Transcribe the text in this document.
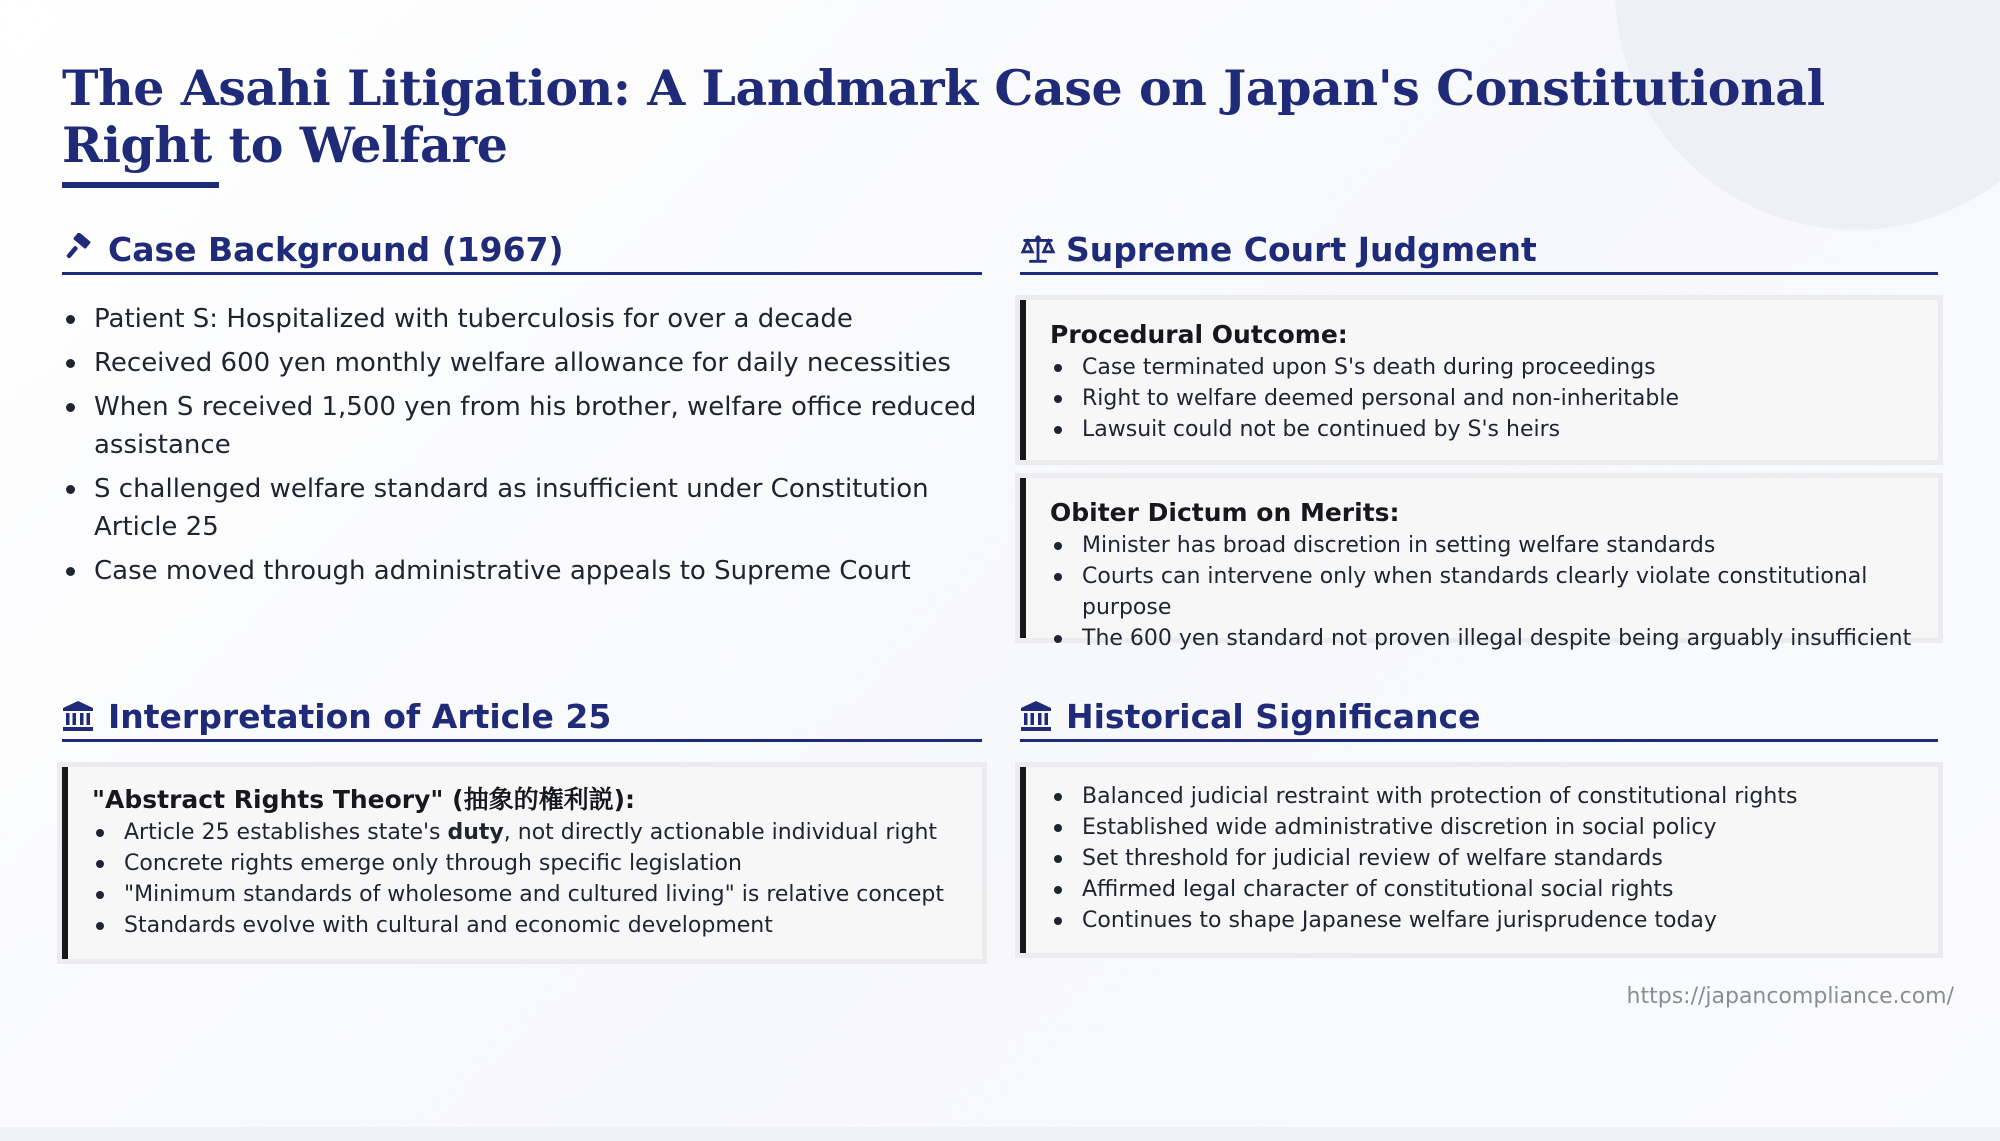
The Asahi Litigation: A Landmark Case on Japan's Constitutional Right to Welfare
Case Background (1967)
Patient S: Hospitalized with tuberculosis for over a decade
Received 600 yen monthly welfare allowance for daily necessities
When S received 1,500 yen from his brother, welfare office reduced assistance
S challenged welfare standard as insufficient under Constitution Article 25
Case moved through administrative appeals to Supreme Court
Supreme Court Judgment
Procedural Outcome:
Case terminated upon S's death during proceedings
Right to welfare deemed personal and non-inheritable
Lawsuit could not be continued by S's heirs
Obiter Dictum on Merits:
Minister has broad discretion in setting welfare standards
Courts can intervene only when standards clearly violate constitutional purpose
The 600 yen standard not proven illegal despite being arguably insufficient
Interpretation of Article 25
"Abstract Rights Theory" (抽象的権利説):
Article 25 establishes state's duty, not directly actionable individual right
Concrete rights emerge only through specific legislation
"Minimum standards of wholesome and cultured living" is relative concept
Standards evolve with cultural and economic development
Historical Significance
Balanced judicial restraint with protection of constitutional rights
Established wide administrative discretion in social policy
Set threshold for judicial review of welfare standards
Affirmed legal character of constitutional social rights
Continues to shape Japanese welfare jurisprudence today
https://japancompliance.com/
